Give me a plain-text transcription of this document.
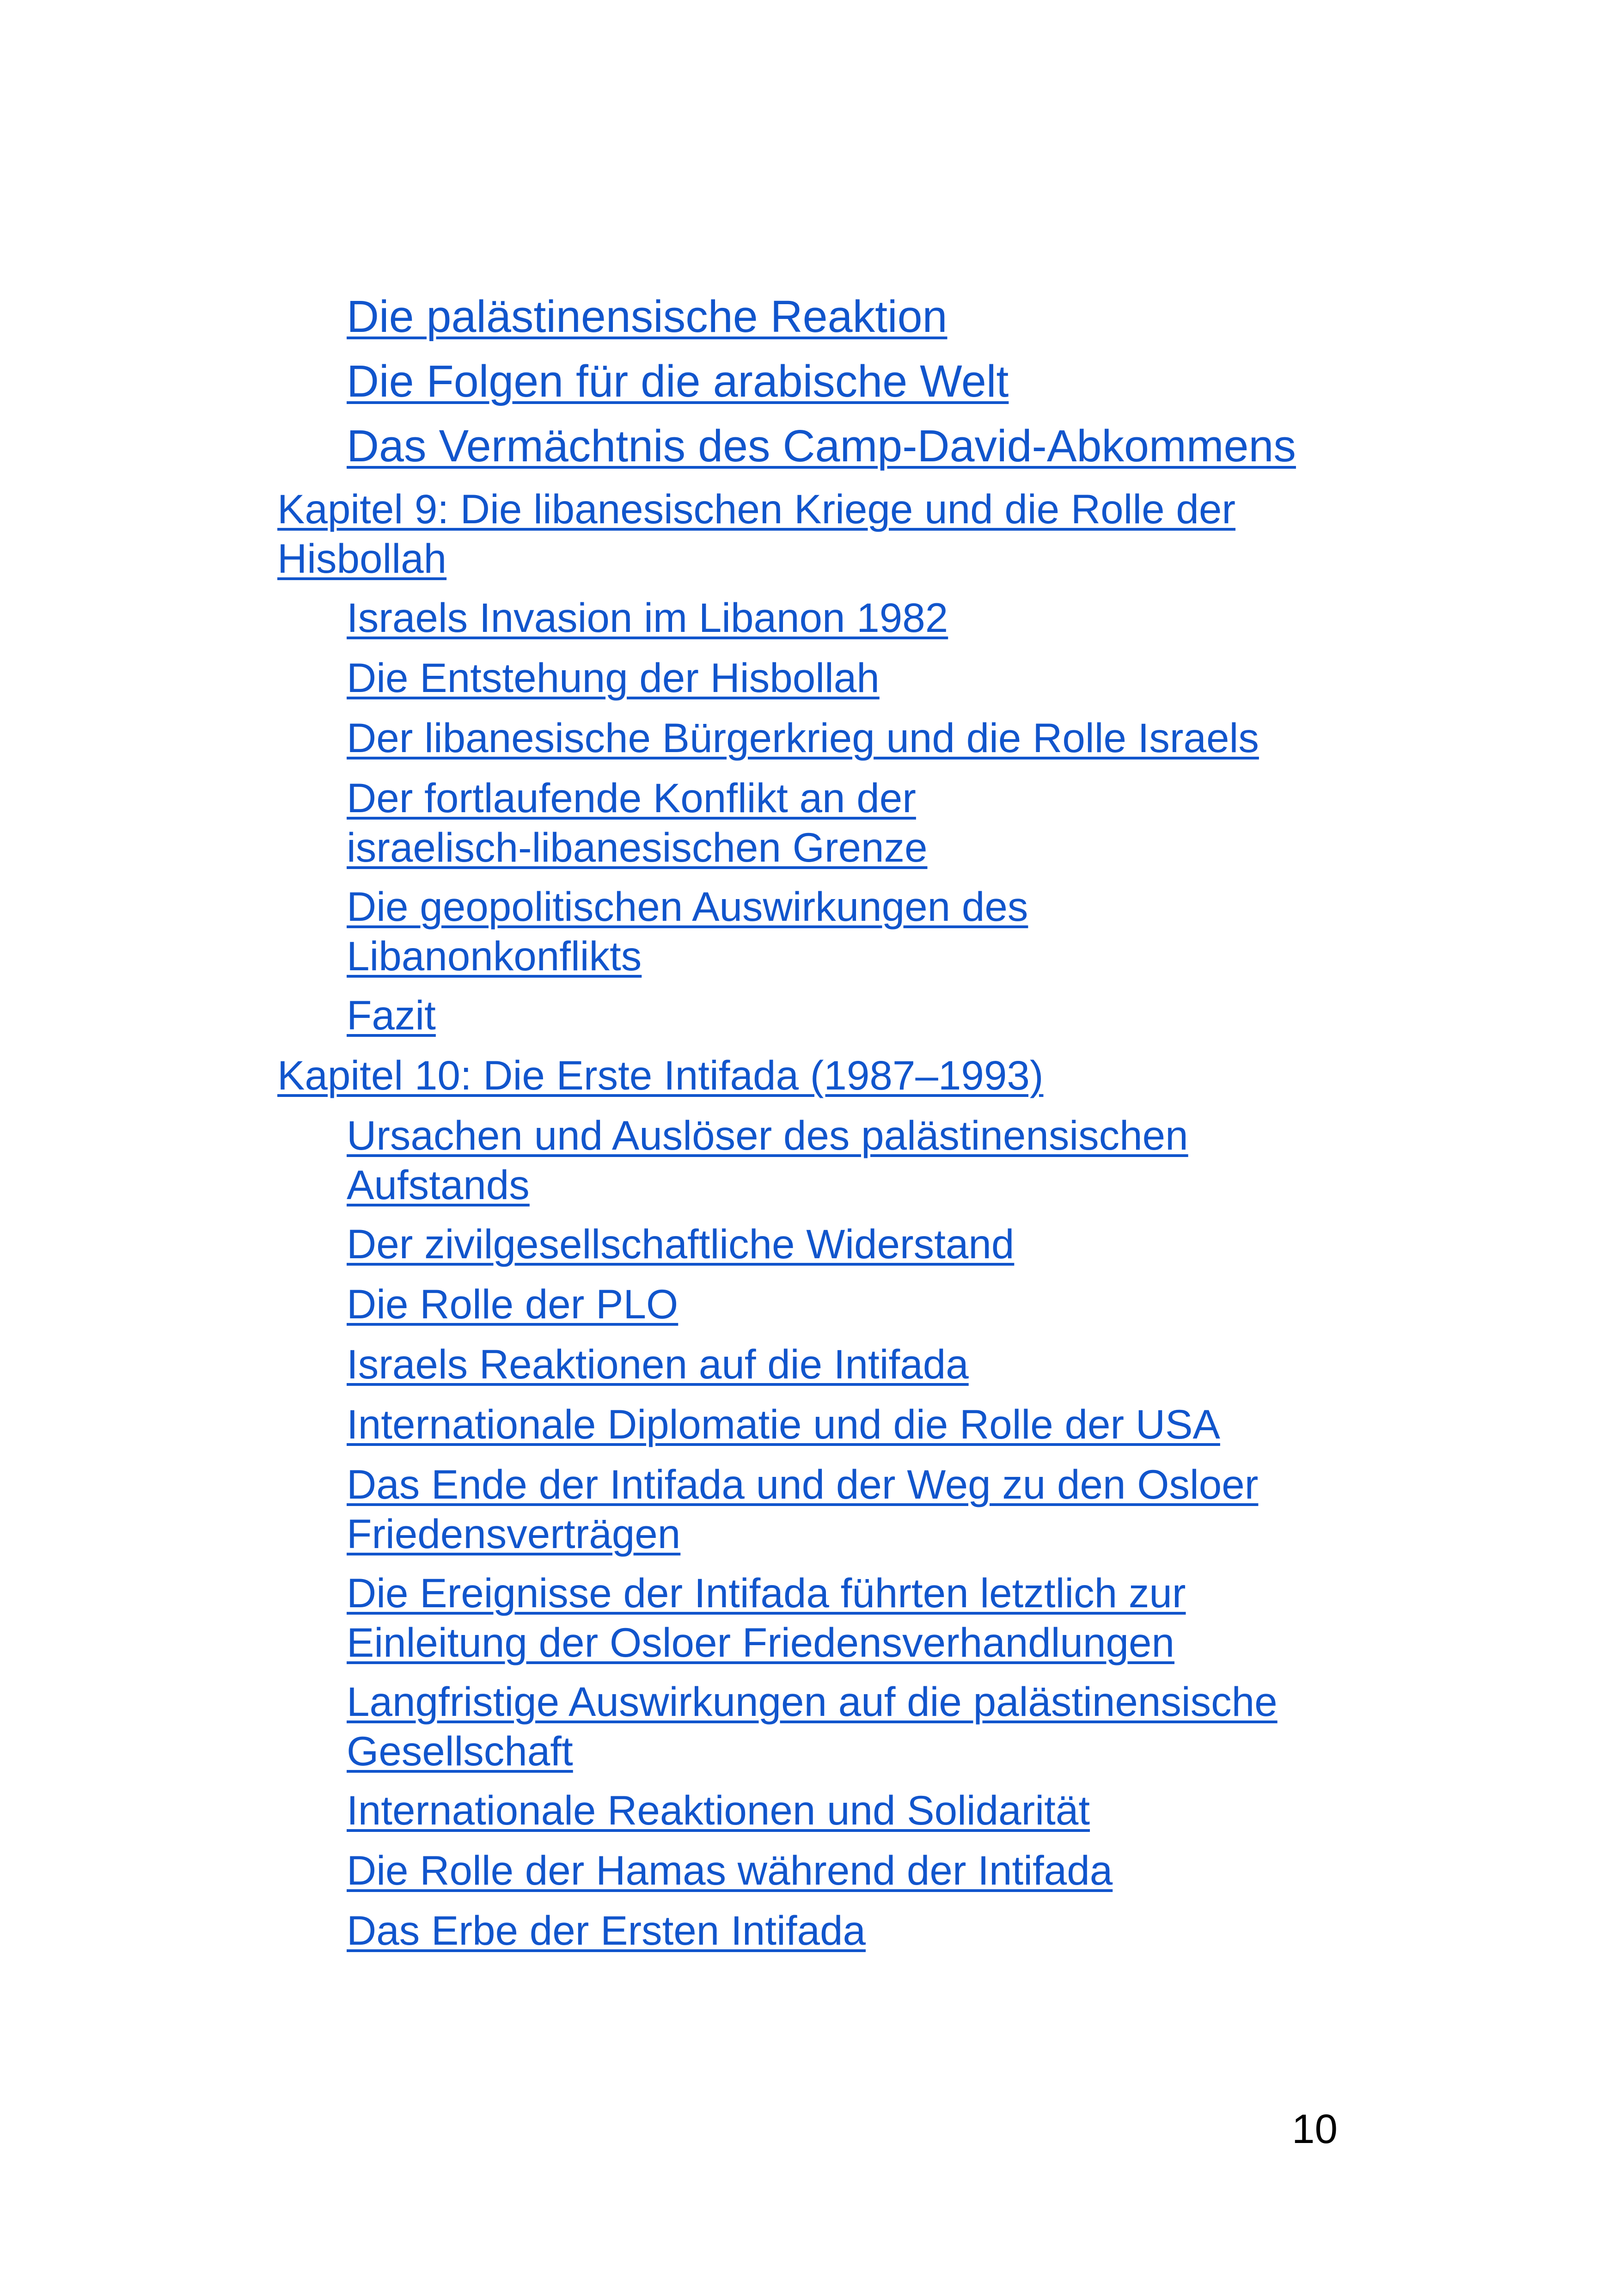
Die palästinensische Reaktion
Die Folgen für die arabische Welt
Das Vermächtnis des Camp-David-Abkommens
Kapitel 9: Die libanesischen Kriege und die Rolle der
Hisbollah
Israels Invasion im Libanon 1982
Die Entstehung der Hisbollah
Der libanesische Bürgerkrieg und die Rolle Israels
Der fortlaufende Konflikt an der
israelisch-libanesischen Grenze
Die geopolitischen Auswirkungen des
Libanonkonflikts
Fazit
Kapitel 10: Die Erste Intifada (1987–1993)
Ursachen und Auslöser des palästinensischen
Aufstands
Der zivilgesellschaftliche Widerstand
Die Rolle der PLO
Israels Reaktionen auf die Intifada
Internationale Diplomatie und die Rolle der USA
Das Ende der Intifada und der Weg zu den Osloer
Friedensverträgen
Die Ereignisse der Intifada führten letztlich zur
Einleitung der Osloer Friedensverhandlungen
Langfristige Auswirkungen auf die palästinensische
Gesellschaft
Internationale Reaktionen und Solidarität
Die Rolle der Hamas während der Intifada
Das Erbe der Ersten Intifada
10
